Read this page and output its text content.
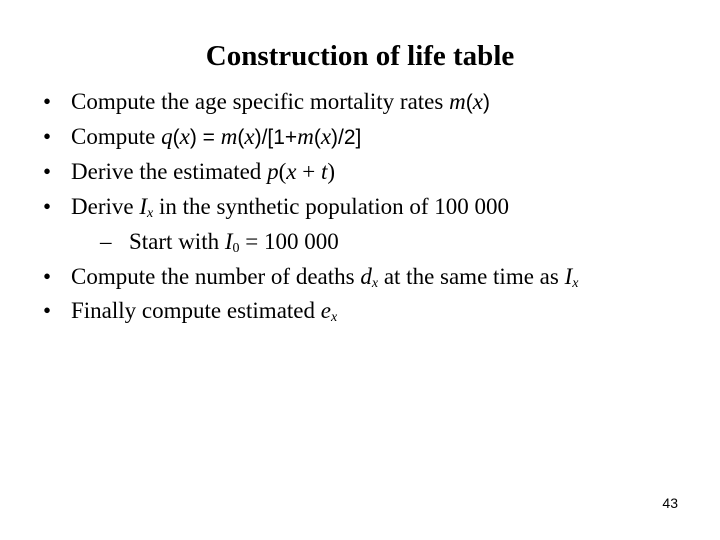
Construction of life table
• Compute the age specific mortality rates m(x)
• Compute q(x) = m(x)/[1+m(x)/2]
• Derive the estimated p(x + t)
• Derive $I_x$ in the synthetic population of 100 000
– Start with $I_0 = 100$ 000
• Compute the number of deaths $d_x$ at the same time as $I_x$
• Finally compute estimated $e_x$
43
